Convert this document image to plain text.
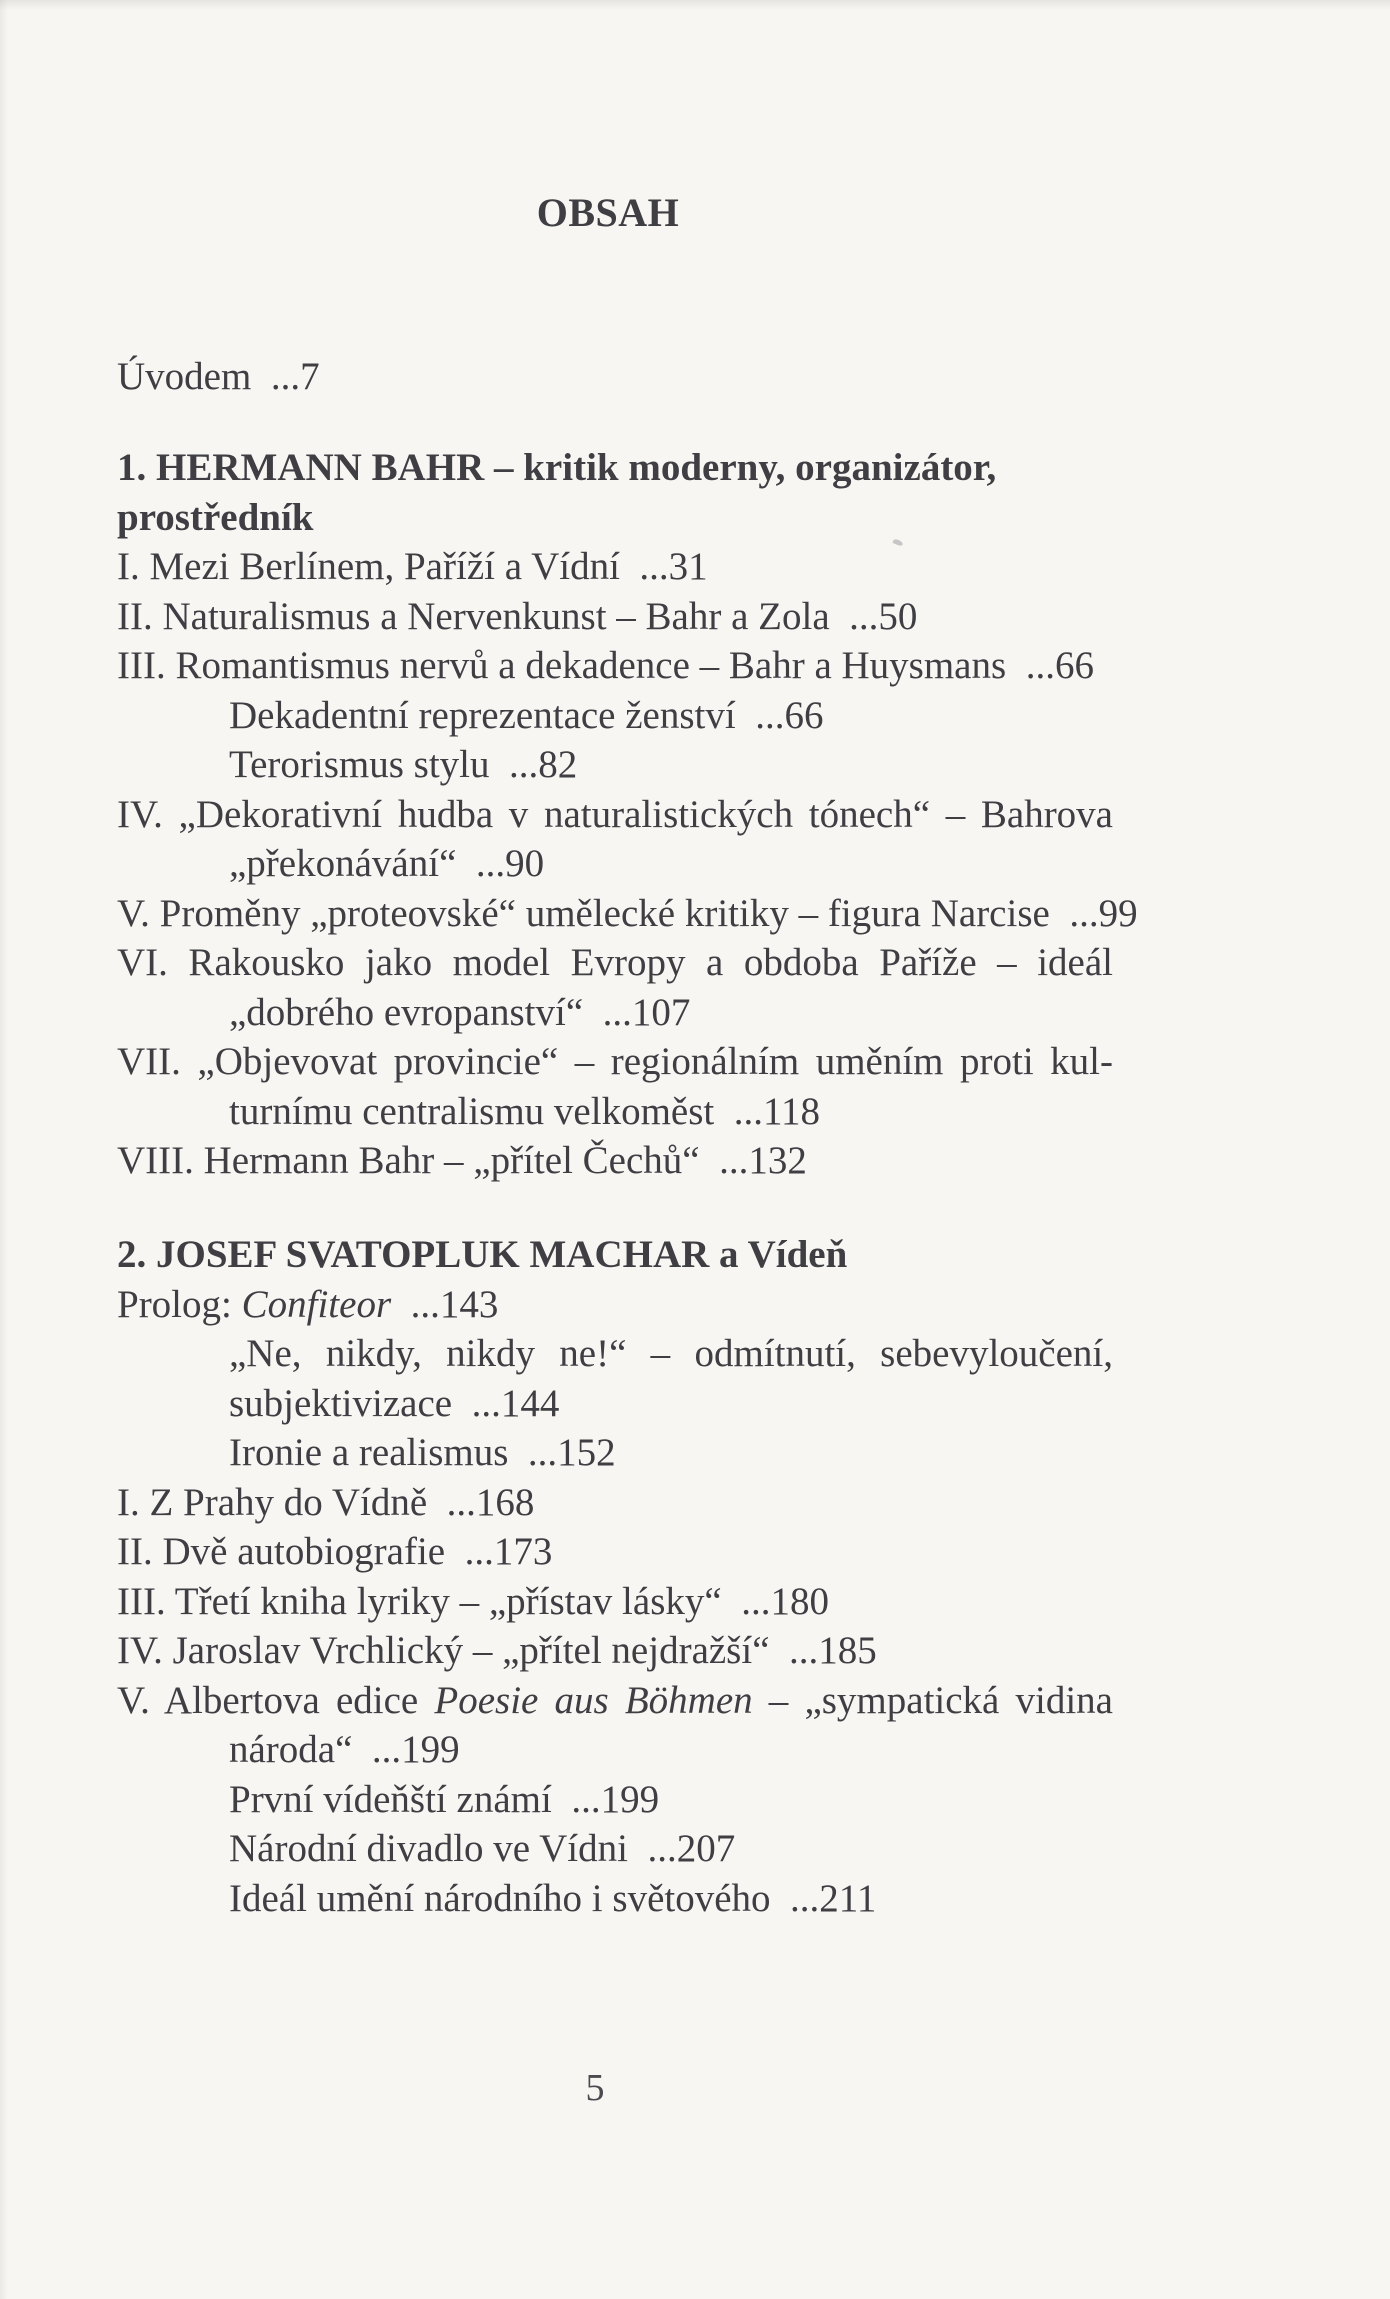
OBSAH
Úvodem  ...7
1. HERMANN BAHR – kritik moderny, organizátor,
prostředník
I. Mezi Berlínem, Paříží a Vídní  ...31
II. Naturalismus a Nervenkunst – Bahr a Zola  ...50
III. Romantismus nervů a dekadence – Bahr a Huysmans  ...66
Dekadentní reprezentace ženství  ...66
Terorismus stylu  ...82
IV. „Dekorativní hudba v naturalistických tónech“ – Bahrova
„překonávání“  ...90
V. Proměny „proteovské“ umělecké kritiky – figura Narcise  ...99
VI. Rakousko jako model Evropy a obdoba Paříže – ideál
„dobrého evropanství“  ...107
VII. „Objevovat provincie“ – regionálním uměním proti kul-
turnímu centralismu velkoměst  ...118
VIII. Hermann Bahr – „přítel Čechů“  ...132
2. JOSEF SVATOPLUK MACHAR a Vídeň
Prolog: Confiteor  ...143
„Ne, nikdy, nikdy ne!“ – odmítnutí, sebevyloučení,
subjektivizace  ...144
Ironie a realismus  ...152
I. Z Prahy do Vídně  ...168
II. Dvě autobiografie  ...173
III. Třetí kniha lyriky – „přístav lásky“  ...180
IV. Jaroslav Vrchlický – „přítel nejdražší“  ...185
V. Albertova edice Poesie aus Böhmen – „sympatická vidina
národa“  ...199
První vídeňští známí  ...199
Národní divadlo ve Vídni  ...207
Ideál umění národního i světového  ...211
5
